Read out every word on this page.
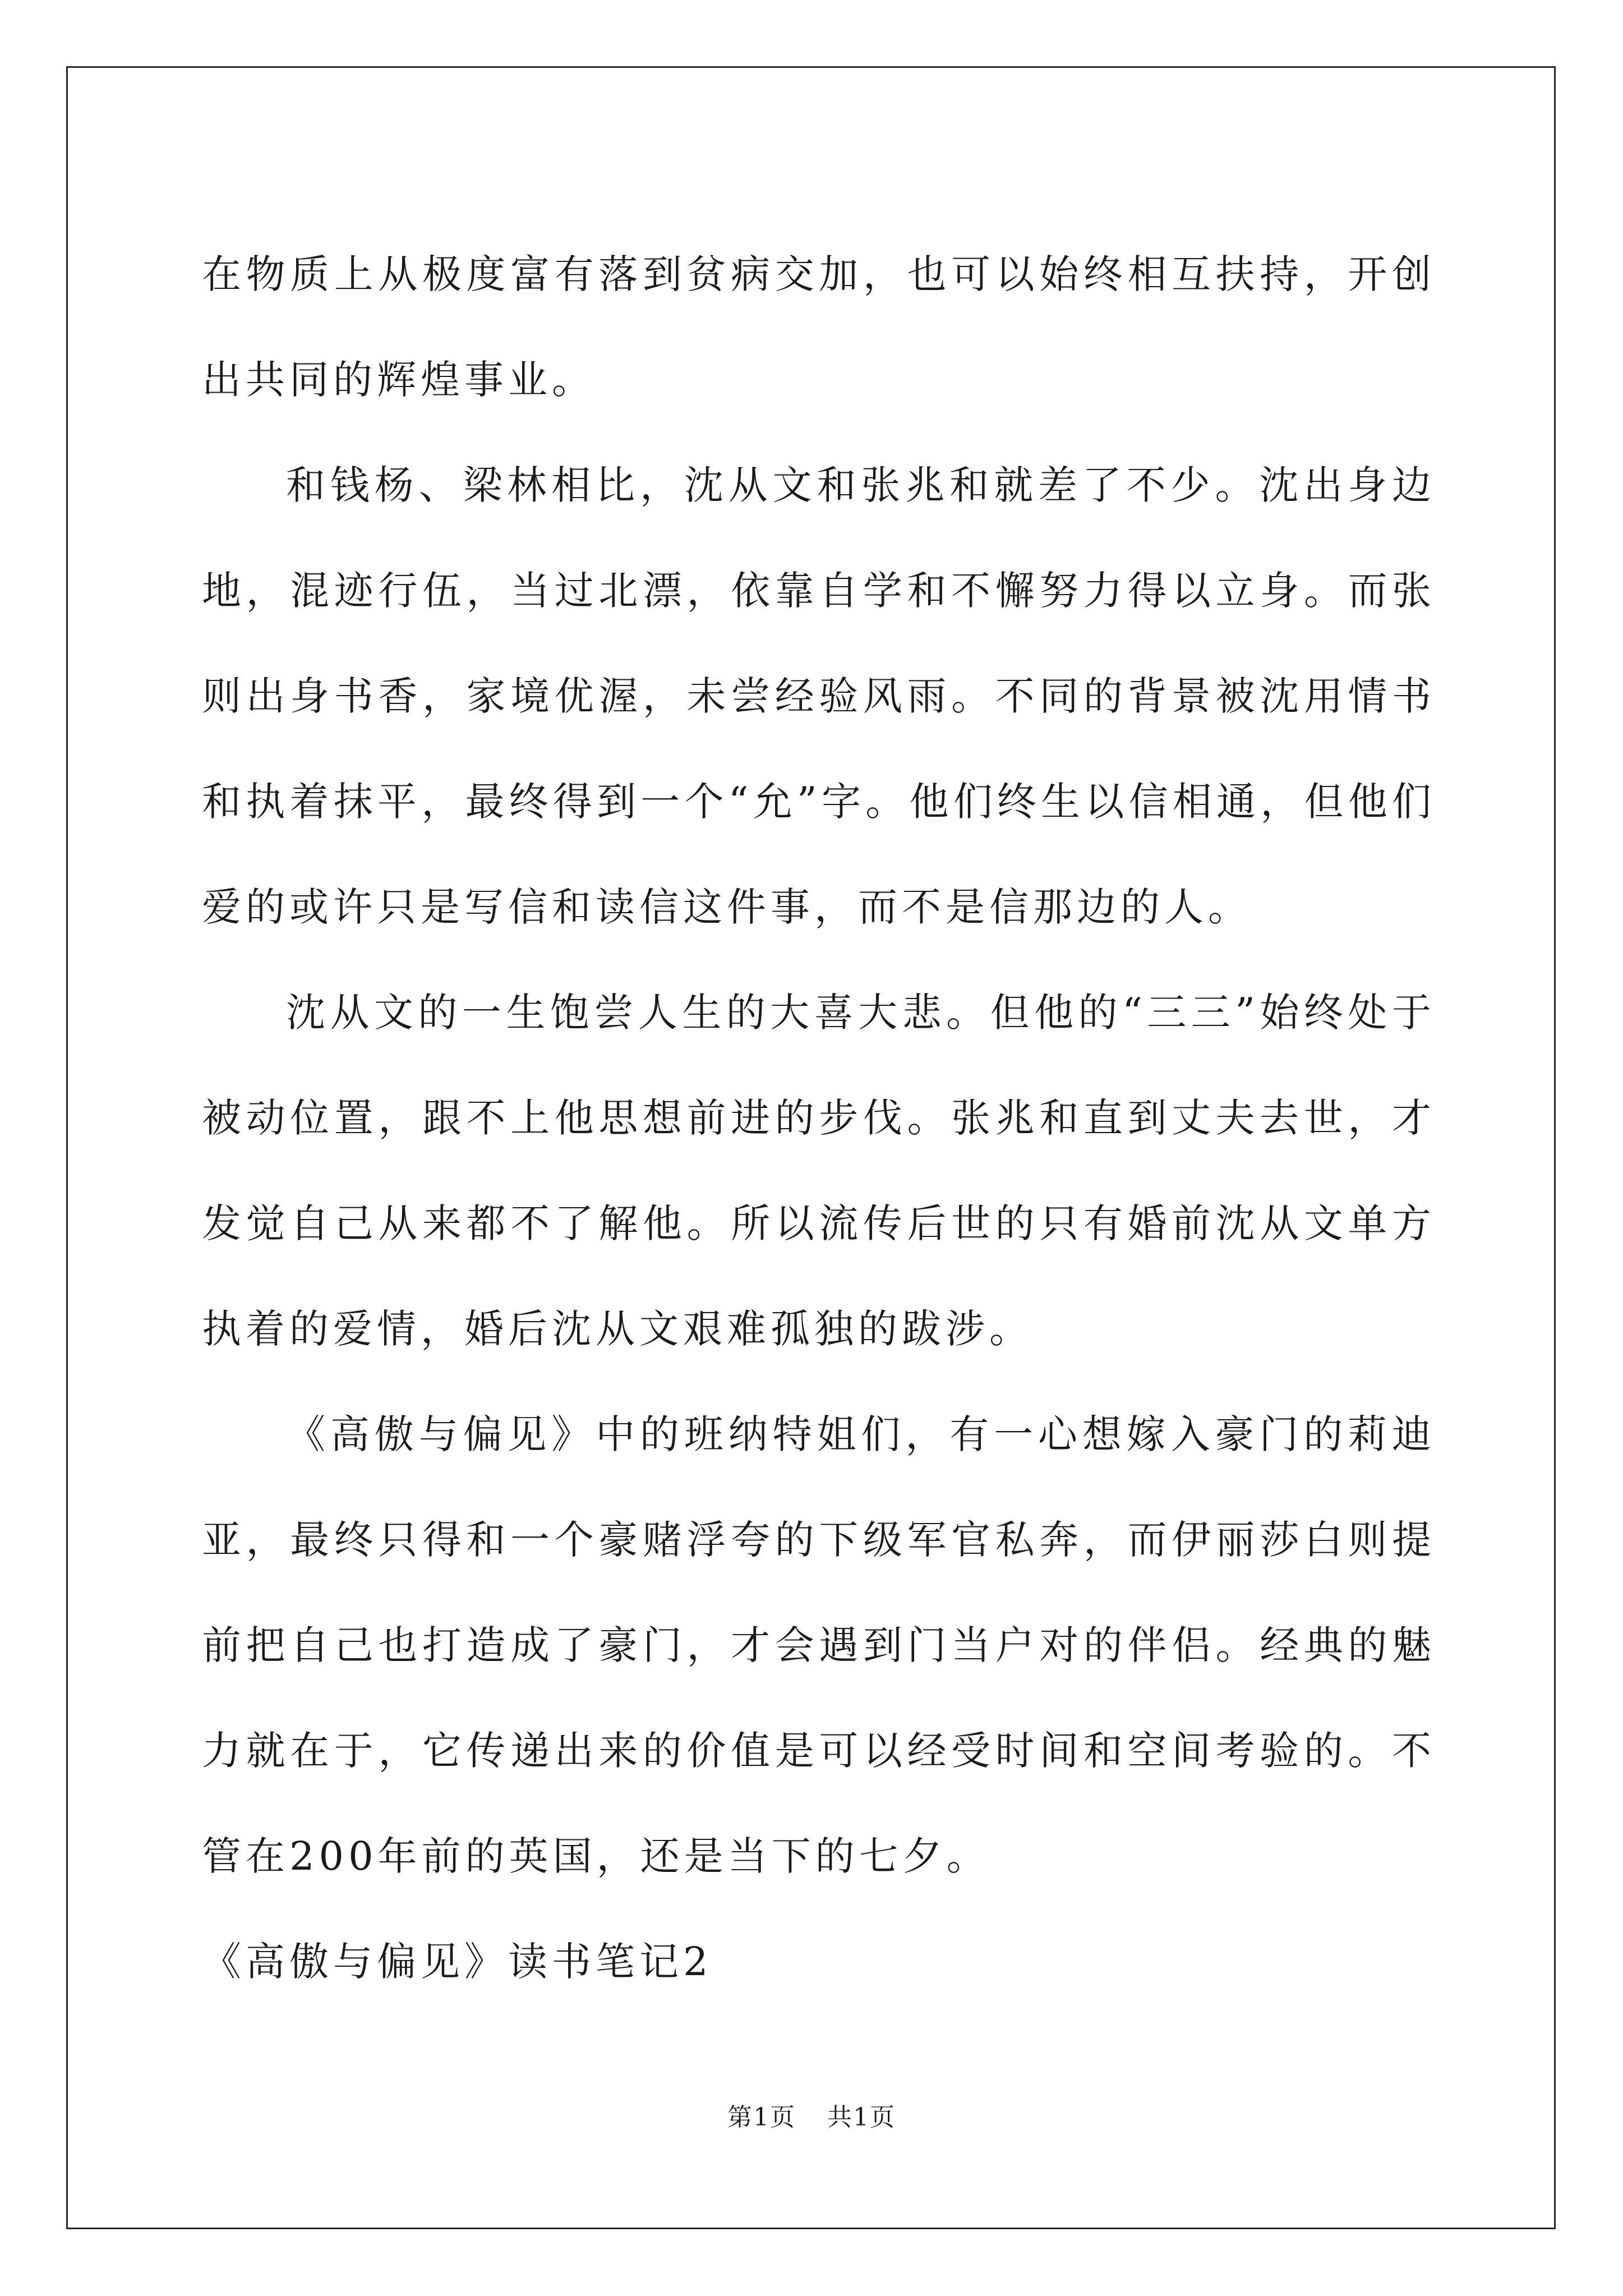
在物质上从极度富有落到贫病交加，也可以始终相互扶持，开创出共同的辉煌事业。

和钱杨、梁林相比，沈从文和张兆和就差了不少。沈出身边地，混迹行伍，当过北漂，依靠自学和不懈努力得以立身。而张则出身书香，家境优渥，未尝经验风雨。不同的背景被沈用情书和执着抹平，最终得到一个“允”字。他们终生以信相通，但他们爱的或许只是写信和读信这件事，而不是信那边的人。

沈从文的一生饱尝人生的大喜大悲。但他的“三三”始终处于被动位置，跟不上他思想前进的步伐。张兆和直到丈夫去世，才发觉自己从来都不了解他。所以流传后世的只有婚前沈从文单方执着的爱情，婚后沈从文艰难孤独的跋涉。

《高傲与偏见》中的班纳特姐们，有一心想嫁入豪门的莉迪亚，最终只得和一个豪赌浮夸的下级军官私奔，而伊丽莎白则提前把自己也打造成了豪门，才会遇到门当户对的伴侣。经典的魅力就在于，它传递出来的价值是可以经受时间和空间考验的。不管在200年前的英国，还是当下的七夕。

《高傲与偏见》读书笔记2

第1页 共1页
